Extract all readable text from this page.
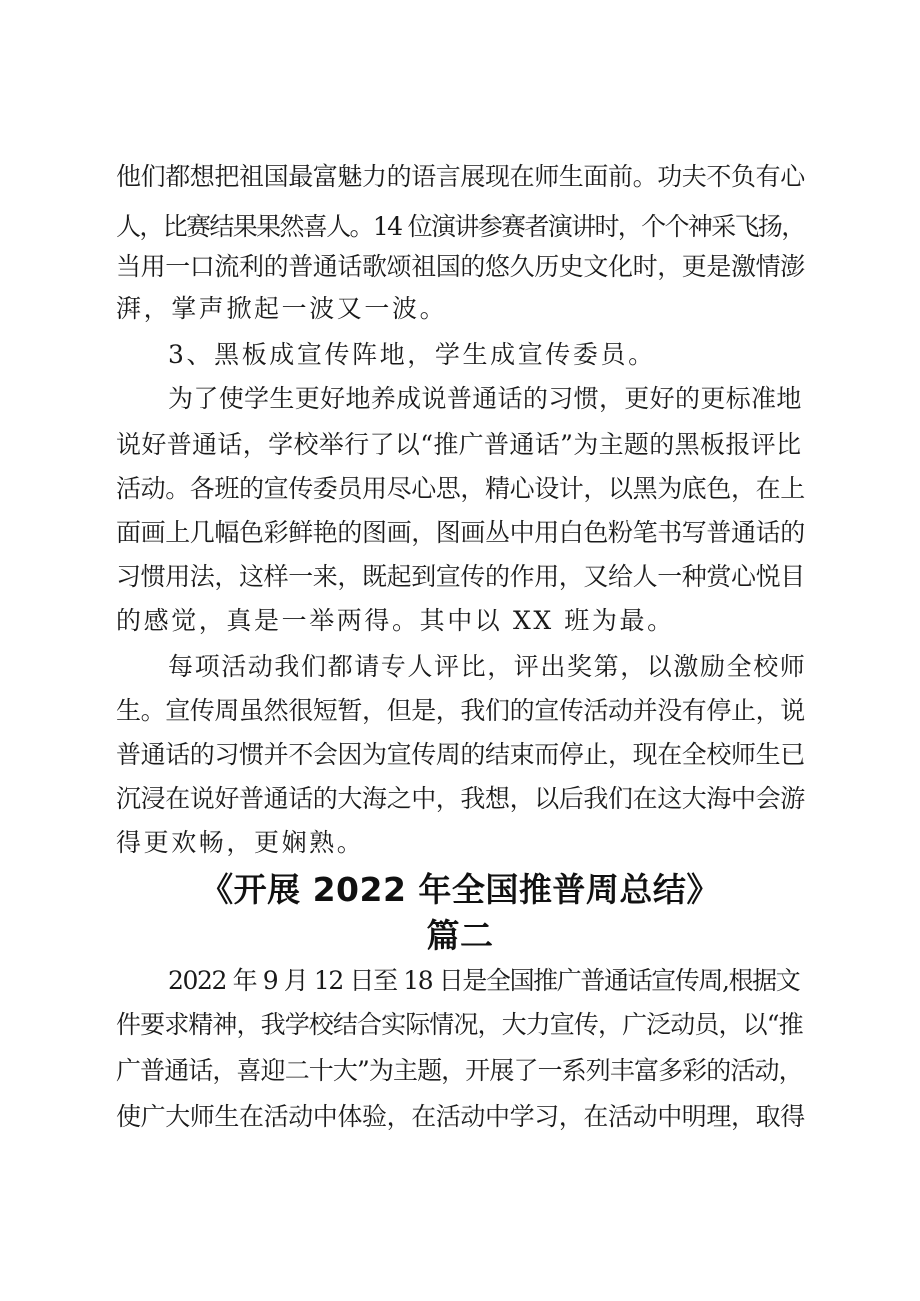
他们都想把祖国最富魅力的语言展现在师生面前。功夫不负有心
人，比赛结果果然喜人。14 位演讲参赛者演讲时，个个神采飞扬，
当用一口流利的普通话歌颂祖国的悠久历史文化时，更是激情澎
湃，掌声掀起一波又一波。
3、黑板成宣传阵地，学生成宣传委员。
为了使学生更好地养成说普通话的习惯，更好的更标准地
说好普通话，学校举行了以“推广普通话”为主题的黑板报评比
活动。各班的宣传委员用尽心思，精心设计，以黑为底色，在上
面画上几幅色彩鲜艳的图画，图画丛中用白色粉笔书写普通话的
习惯用法，这样一来，既起到宣传的作用，又给人一种赏心悦目
的感觉，真是一举两得。其中以 XX 班为最。
每项活动我们都请专人评比，评出奖第，以激励全校师
生。宣传周虽然很短暂，但是，我们的宣传活动并没有停止，说
普通话的习惯并不会因为宣传周的结束而停止，现在全校师生已
沉浸在说好普通话的大海之中，我想，以后我们在这大海中会游
得更欢畅，更娴熟。
《开展 2022 年全国推普周总结》
篇二
2022 年 9 月 12 日至 18 日是全国推广普通话宣传周,根据文
件要求精神，我学校结合实际情况，大力宣传，广泛动员，以“推
广普通话，喜迎二十大”为主题，开展了一系列丰富多彩的活动，
使广大师生在活动中体验，在活动中学习，在活动中明理，取得
